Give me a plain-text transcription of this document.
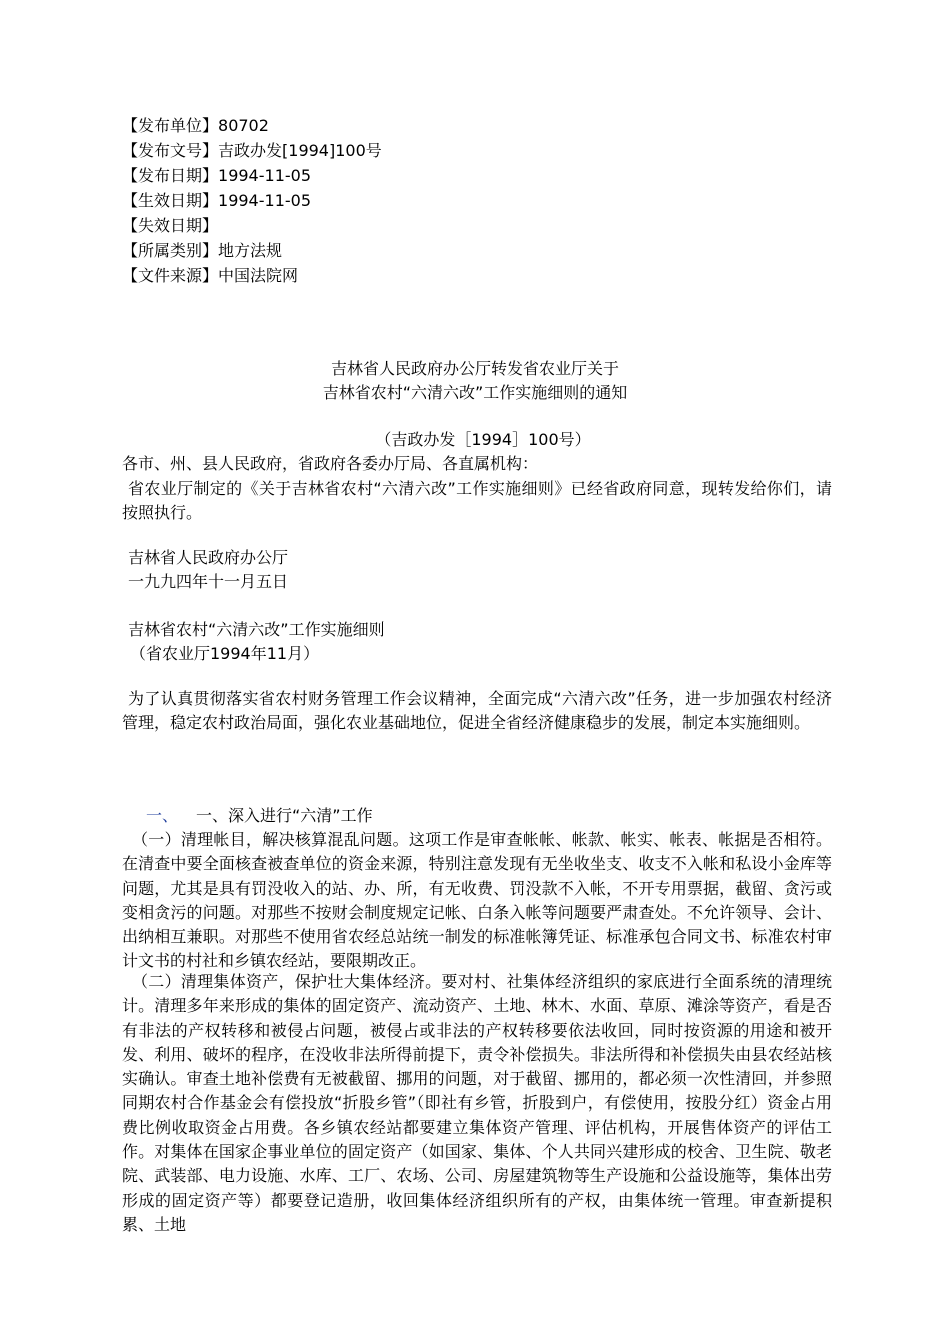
【发布单位】80702
【发布文号】吉政办发[1994]100号
【发布日期】1994-11-05
【生效日期】1994-11-05
【失效日期】
【所属类别】地方法规
【文件来源】中国法院网
吉林省人民政府办公厅转发省农业厅关于
吉林省农村“六清六改”工作实施细则的通知
（吉政办发［1994］100号）
各市、州、县人民政府，省政府各委办厅局、各直属机构：
省农业厅制定的《关于吉林省农村“六清六改”工作实施细则》已经省政府同意，现转发给你们，请按照执行。
吉林省人民政府办公厅
一九九四年十一月五日
吉林省农村“六清六改”工作实施细则
（省农业厅1994年11月）
为了认真贯彻落实省农村财务管理工作会议精神，全面完成“六清六改”任务，进一步加强农村经济管理，稳定农村政治局面，强化农业基础地位，促进全省经济健康稳步的发展，制定本实施细则。
一、 一、深入进行“六清”工作
（一）清理帐目，解决核算混乱问题。这项工作是审查帐帐、帐款、帐实、帐表、帐据是否相符。在清查中要全面核查被查单位的资金来源，特别注意发现有无坐收坐支、收支不入帐和私设小金库等问题，尤其是具有罚没收入的站、办、所，有无收费、罚没款不入帐，不开专用票据，截留、贪污或变相贪污的问题。对那些不按财会制度规定记帐、白条入帐等问题要严肃查处。不允许领导、会计、出纳相互兼职。对那些不使用省农经总站统一制发的标准帐簿凭证、标准承包合同文书、标准农村审计文书的村社和乡镇农经站，要限期改正。
（二）清理集体资产，保护壮大集体经济。要对村、社集体经济组织的家底进行全面系统的清理统计。清理多年来形成的集体的固定资产、流动资产、土地、林木、水面、草原、滩涂等资产，看是否有非法的产权转移和被侵占问题，被侵占或非法的产权转移要依法收回，同时按资源的用途和被开发、利用、破坏的程序，在没收非法所得前提下，责令补偿损失。非法所得和补偿损失由县农经站核实确认。审查土地补偿费有无被截留、挪用的问题，对于截留、挪用的，都必须一次性清回，并参照同期农村合作基金会有偿投放“折股乡管”（即社有乡管，折股到户，有偿使用，按股分红）资金占用费比例收取资金占用费。各乡镇农经站都要建立集体资产管理、评估机构，开展售体资产的评估工作。对集体在国家企事业单位的固定资产（如国家、集体、个人共同兴建形成的校舍、卫生院、敬老院、武装部、电力设施、水库、工厂、农场、公司、房屋建筑物等生产设施和公益设施等，集体出劳形成的固定资产等）都要登记造册，收回集体经济组织所有的产权，由集体统一管理。审查新提积累、土地
